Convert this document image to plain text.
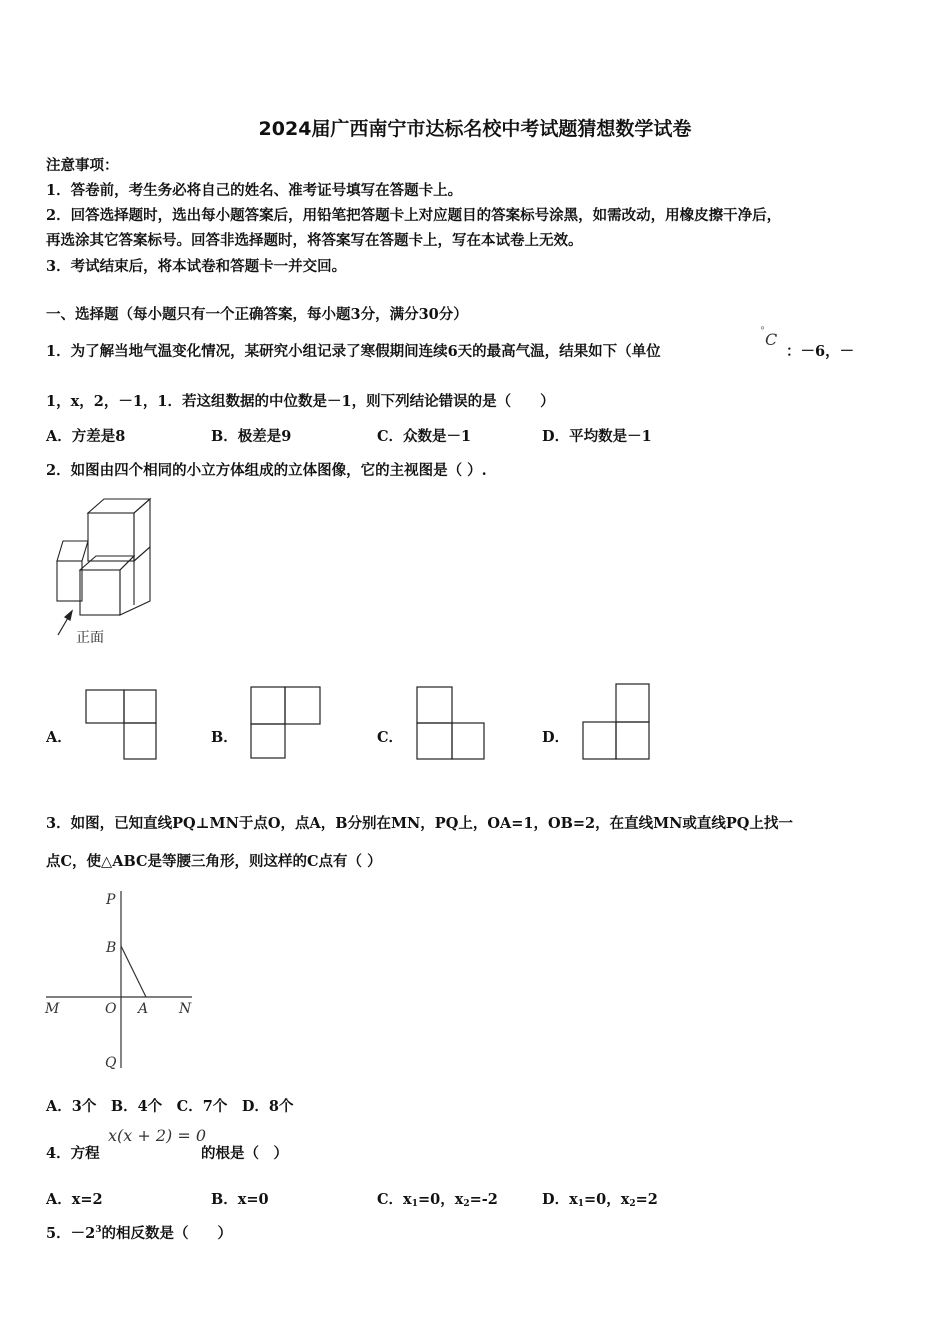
2024届广西南宁市达标名校中考试题猜想数学试卷
注意事项：
1．答卷前，考生务必将自己的姓名、准考证号填写在答题卡上。
2．回答选择题时，选出每小题答案后，用铅笔把答题卡上对应题目的答案标号涂黑，如需改动，用橡皮擦干净后，
再选涂其它答案标号。回答非选择题时，将答案写在答题卡上，写在本试卷上无效。
3．考试结束后，将本试卷和答题卡一并交回。
一、选择题（每小题只有一个正确答案，每小题3分，满分30分）
1．为了解当地气温变化情况，某研究小组记录了寒假期间连续6天的最高气温，结果如下（单位
° C
：－6，－
1，x，2，－1，1．若这组数据的中位数是－1，则下列结论错误的是（　　）
A．方差是8	B．极差是9	C．众数是－1	D．平均数是－1
2．如图由四个相同的小立方体组成的立体图像，它的主视图是（ ）.
正面
A．	B．	C．	D．
3．如图，已知直线PQ⊥MN于点O，点A，B分别在MN，PQ上，OA=1，OB=2，在直线MN或直线PQ上找一
点C，使△ABC是等腰三角形，则这样的C点有（ ）
P
B
M	O A N
Q
A．3个　B．4个　C．7个　D．8个
4．方程
x(x + 2) = 0
的根是（　）
A．x=2	B．x=0	C．$x_1=0$，$x_2=-2$	D．$x_1=0$，$x_2=2$
5．$-2^3$的相反数是（　　）
